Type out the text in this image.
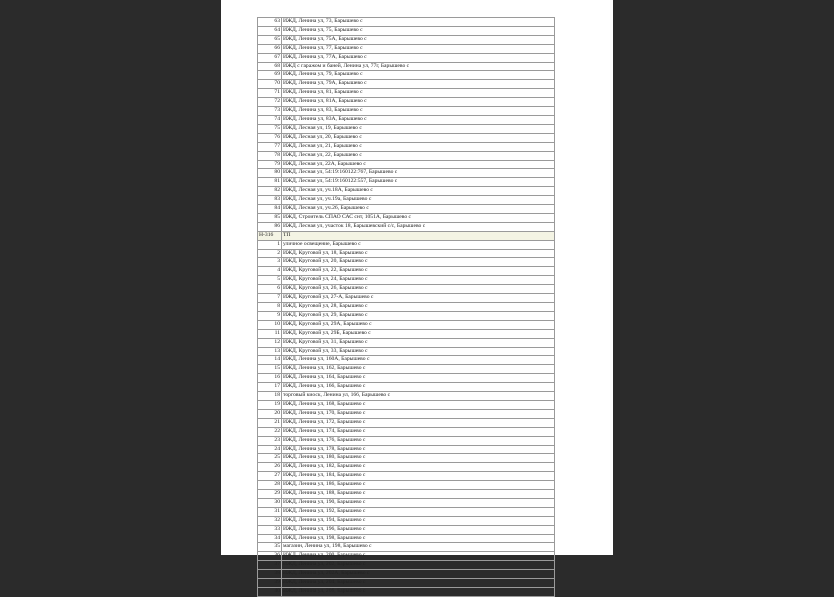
63	ИЖД, Ленина ул, 73, Барышево с
64	ИЖД, Ленина ул, 75, Барышево с
65	ИЖД, Ленина ул, 75А, Барышево с
66	ИЖД, Ленина ул, 77, Барышево с
67	ИЖД, Ленина ул, 77А, Барышево с
68	ИЖД с гаражом и баней, Ленина ул, 77г, Барышево с
69	ИЖД, Ленина ул, 79, Барышево с
70	ИЖД, Ленина ул, 79А, Барышево с
71	ИЖД, Ленина ул, 81, Барышево с
72	ИЖД, Ленина ул, 81А, Барышево с
73	ИЖД, Ленина ул, 83, Барышево с
74	ИЖД, Ленина ул, 83А, Барышево с
75	ИЖД, Лесная ул, 19, Барышево с
76	ИЖД, Лесная ул, 20, Барышево с
77	ИЖД, Лесная ул, 21, Барышево с
78	ИЖД, Лесная ул, 22, Барышево с
79	ИЖД, Лесная ул, 22А, Барышево с
80	ИЖД, Лесная ул, 54:19:160122:767, Барышево с
81	ИЖД, Лесная ул, 54:19:160122:557, Барышево с
82	ИЖД, Лесная ул, уч.18А, Барышево с
83	ИЖД, Лесная ул, уч.19а, Барышево с
84	ИЖД, Лесная ул, уч.26, Барышево с
85	ИЖД, Строитель СПАО САС снт, 1051А, Барышево с
86	ИЖД, Лесная ул, участок 18, Барышевский с/с, Барышево с
Н-316	ТП
1	уличное освещение, Барышево с
2	ИЖД, Круговой ул, 18, Барышево с
3	ИЖД, Круговой ул, 20, Барышево с
4	ИЖД, Круговой ул, 22, Барышево с
5	ИЖД, Круговой ул, 24, Барышево с
6	ИЖД, Круговой ул, 26, Барышево с
7	ИЖД, Круговой ул, 27-А, Барышево с
8	ИЖД, Круговой ул, 28, Барышево с
9	ИЖД, Круговой ул, 29, Барышево с
10	ИЖД, Круговой ул, 29А, Барышево с
11	ИЖД, Круговой ул, 29Б, Барышево с
12	ИЖД, Круговой ул, 31, Барышево с
13	ИЖД, Круговой ул, 33, Барышево с
14	ИЖД, Ленина ул, 160А, Барышево с
15	ИЖД, Ленина ул, 162, Барышево с
16	ИЖД, Ленина ул, 164, Барышево с
17	ИЖД, Ленина ул, 166, Барышево с
18	торговый киоск, Ленина ул, 166, Барышево с
19	ИЖД, Ленина ул, 168, Барышево с
20	ИЖД, Ленина ул, 170, Барышево с
21	ИЖД, Ленина ул, 172, Барышево с
22	ИЖД, Ленина ул, 174, Барышево с
23	ИЖД, Ленина ул, 176, Барышево с
24	ИЖД, Ленина ул, 178, Барышево с
25	ИЖД, Ленина ул, 180, Барышево с
26	ИЖД, Ленина ул, 182, Барышево с
27	ИЖД, Ленина ул, 184, Барышево с
28	ИЖД, Ленина ул, 186, Барышево с
29	ИЖД, Ленина ул, 188, Барышево с
30	ИЖД, Ленина ул, 190, Барышево с
31	ИЖД, Ленина ул, 192, Барышево с
32	ИЖД, Ленина ул, 194, Барышево с
33	ИЖД, Ленина ул, 196, Барышево с
34	ИЖД, Ленина ул, 198, Барышево с
35	магазин, Ленина ул, 198, Барышево с
36	ИЖД, Ленина ул, 200, Барышево с
37	ИЖД, Ленина ул, 202, Барышево с
38	ИЖД, Ленина ул, 202А, Барышево с
39	ИЖД, Ленина ул, 204, Барышево с
40	ИЖД, Ленина ул, 206, Барышево с
